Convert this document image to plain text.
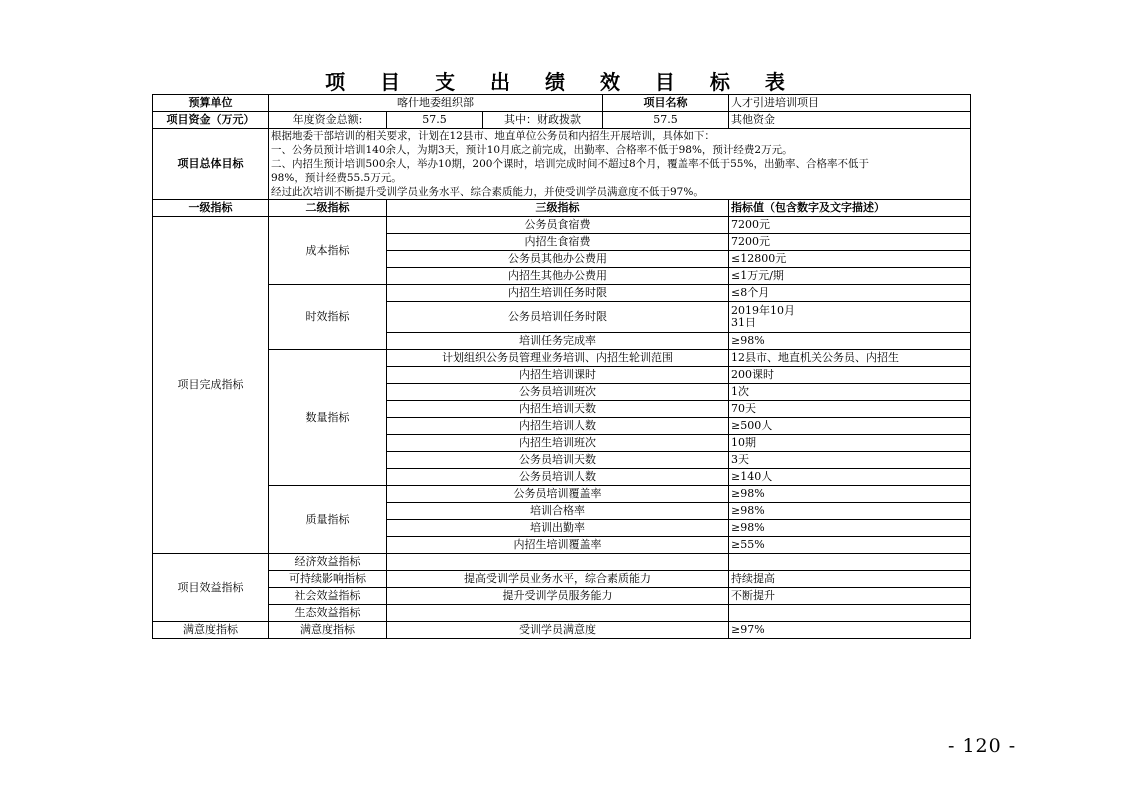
项 目 支 出 绩 效 目 标 表
预算单位	喀什地委组织部			项目名称	人才引进培训项目
项目资金（万元）	年度资金总额:	57.5	其中：财政拨款	57.5	其他资金
项目总体目标	根据地委干部培训的相关要求，计划在12县市、地直单位公务员和内招生开展培训，具体如下：
一、公务员预计培训140余人，为期3天，预计10月底之前完成，出勤率、合格率不低于98%，预计经费2万元。
二、内招生预计培训500余人，举办10期，200个课时，培训完成时间不超过8个月，覆盖率不低于55%，出勤率、合格率不低于
98%，预计经费55.5万元。
经过此次培训不断提升受训学员业务水平、综合素质能力，并使受训学员满意度不低于97%。				

一级指标	二级指标	三级指标			指标值（包含数字及文字描述）
项目完成指标	成本指标	公务员食宿费			7200元
		内招生食宿费			7200元
		公务员其他办公费用			≤12800元
		内招生其他办公费用			≤1万元/期
	时效指标	内招生培训任务时限			≤8个月
		公务员培训任务时限			2019年10月
31日

		培训任务完成率			≥98%
	数量指标	计划组织公务员管理业务培训、内招生轮训范围			12县市、地直机关公务员、内招生
		内招生培训课时			200课时
		公务员培训班次			1次
		内招生培训天数			70天
		内招生培训人数			≥500人
		内招生培训班次			10期
		公务员培训天数			3天
		公务员培训人数			≥140人
	质量指标	公务员培训覆盖率			≥98%
		培训合格率			≥98%
		培训出勤率			≥98%
		内招生培训覆盖率			≥55%
项目效益指标	经济效益指标				
	可持续影响指标	提高受训学员业务水平，综合素质能力			持续提高
	社会效益指标	提升受训学员服务能力			不断提升
	生态效益指标				
满意度指标	满意度指标	受训学员满意度			≥97%
- 120 -
